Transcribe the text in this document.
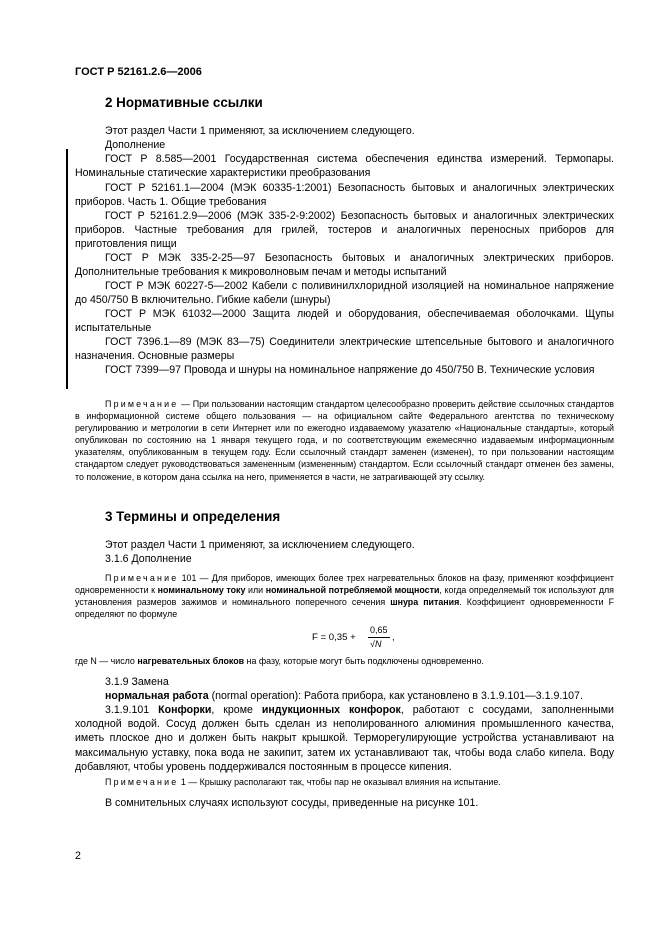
ГОСТ Р 52161.2.6—2006
2 Нормативные ссылки
Этот раздел Части 1 применяют, за исключением следующего.
Дополнение
ГОСТ Р 8.585—2001 Государственная система обеспечения единства измерений. Термопары. Номинальные статические характеристики преобразования
ГОСТ Р 52161.1—2004 (МЭК 60335-1:2001) Безопасность бытовых и аналогичных электрических приборов. Часть 1. Общие требования
ГОСТ Р 52161.2.9—2006 (МЭК 335-2-9:2002) Безопасность бытовых и аналогичных электрических приборов. Частные требования для грилей, тостеров и аналогичных переносных приборов для приготовления пищи
ГОСТ Р МЭК 335-2-25—97 Безопасность бытовых и аналогичных электрических приборов. Дополнительные требования к микроволновым печам и методы испытаний
ГОСТ Р МЭК 60227-5—2002 Кабели с поливинилхлоридной изоляцией на номинальное напряжение до 450/750 В включительно. Гибкие кабели (шнуры)
ГОСТ Р МЭК 61032—2000 Защита людей и оборудования, обеспечиваемая оболочками. Щупы испытательные
ГОСТ 7396.1—89 (МЭК 83—75) Соединители электрические штепсельные бытового и аналогичного назначения. Основные размеры
ГОСТ 7399—97 Провода и шнуры на номинальное напряжение до 450/750 В. Технические условия
Примечание — При пользовании настоящим стандартом целесообразно проверить действие ссылочных стандартов в информационной системе общего пользования — на официальном сайте Федерального агентства по техническому регулированию и метрологии в сети Интернет или по ежегодно издаваемому указателю «Национальные стандарты», который опубликован по состоянию на 1 января текущего года, и по соответствующим ежемесячно издаваемым информационным указателям, опубликованным в текущем году. Если ссылочный стандарт заменен (изменен), то при пользовании настоящим стандартом следует руководствоваться замененным (измененным) стандартом. Если ссылочный стандарт отменен без замены, то положение, в котором дана ссылка на него, применяется в части, не затрагивающей эту ссылку.
3 Термины и определения
Этот раздел Части 1 применяют, за исключением следующего.
3.1.6 Дополнение
Примечание 101 — Для приборов, имеющих более трех нагревательных блоков на фазу, применяют коэффициент одновременности к номинальному току или номинальной потребляемой мощности, когда определяемый ток используют для установления размеров зажимов и номинального поперечного сечения шнура питания. Коэффициент одновременности F определяют по формуле
F = 0,35 +
0,65
√N
,
где N — число нагревательных блоков на фазу, которые могут быть подключены одновременно.
3.1.9 Замена
нормальная работа (normal operation): Работа прибора, как установлено в 3.1.9.101—3.1.9.107.
3.1.9.101 Конфорки, кроме индукционных конфорок, работают с сосудами, заполненными холодной водой. Сосуд должен быть сделан из неполированного алюминия промышленного качества, иметь плоское дно и должен быть накрыт крышкой. Терморегулирующие устройства устанавливают на максимальную уставку, пока вода не закипит, затем их устанавливают так, чтобы вода слабо кипела. Воду добавляют, чтобы уровень поддерживался постоянным в процессе кипения.
Примечание 1 — Крышку располагают так, чтобы пар не оказывал влияния на испытание.
В сомнительных случаях используют сосуды, приведенные на рисунке 101.
2
